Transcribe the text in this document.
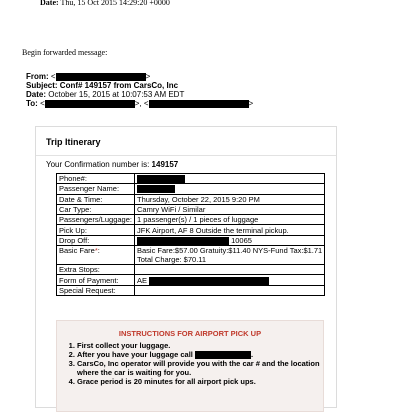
Date: Thu, 15 Oct 2015 14:29:20 +0000
Begin forwarded message:
From: <	>
Subject: Conf# 149157 from CarsCo, Inc
Date: October 15, 2015 at 10:07:53 AM EDT
To: <	>, <	>
Trip Itinerary
Your Confirmation number is: 149157
Phone#:	
Passenger Name:	
Date & Time:	Thursday, October 22, 2015 9:20 PM
Car Type:	Camry WiFi / Similar
Passengers/Luggage:	1 passenger(s) / 1 pieces of luggage
Pick Up:	JFK Airport, AF 8 Outside the terminal pickup.
Drop Off:	10065
Basic Fare*:	Basic Fare:$57.00 Gratuity:$11.40 NYS-Fund Tax:$1.71
Total Charge: $70.11

Extra Stops:	
Form of Payment:	AE
Special Request:	
INSTRUCTIONS FOR AIRPORT PICK UP
1. First collect your luggage.
2. After you have your luggage call	.
3. CarsCo, Inc operator will provide you with the car # and the location where the car is waiting for you.
4. Grace period is 20 minutes for all airport pick ups.
